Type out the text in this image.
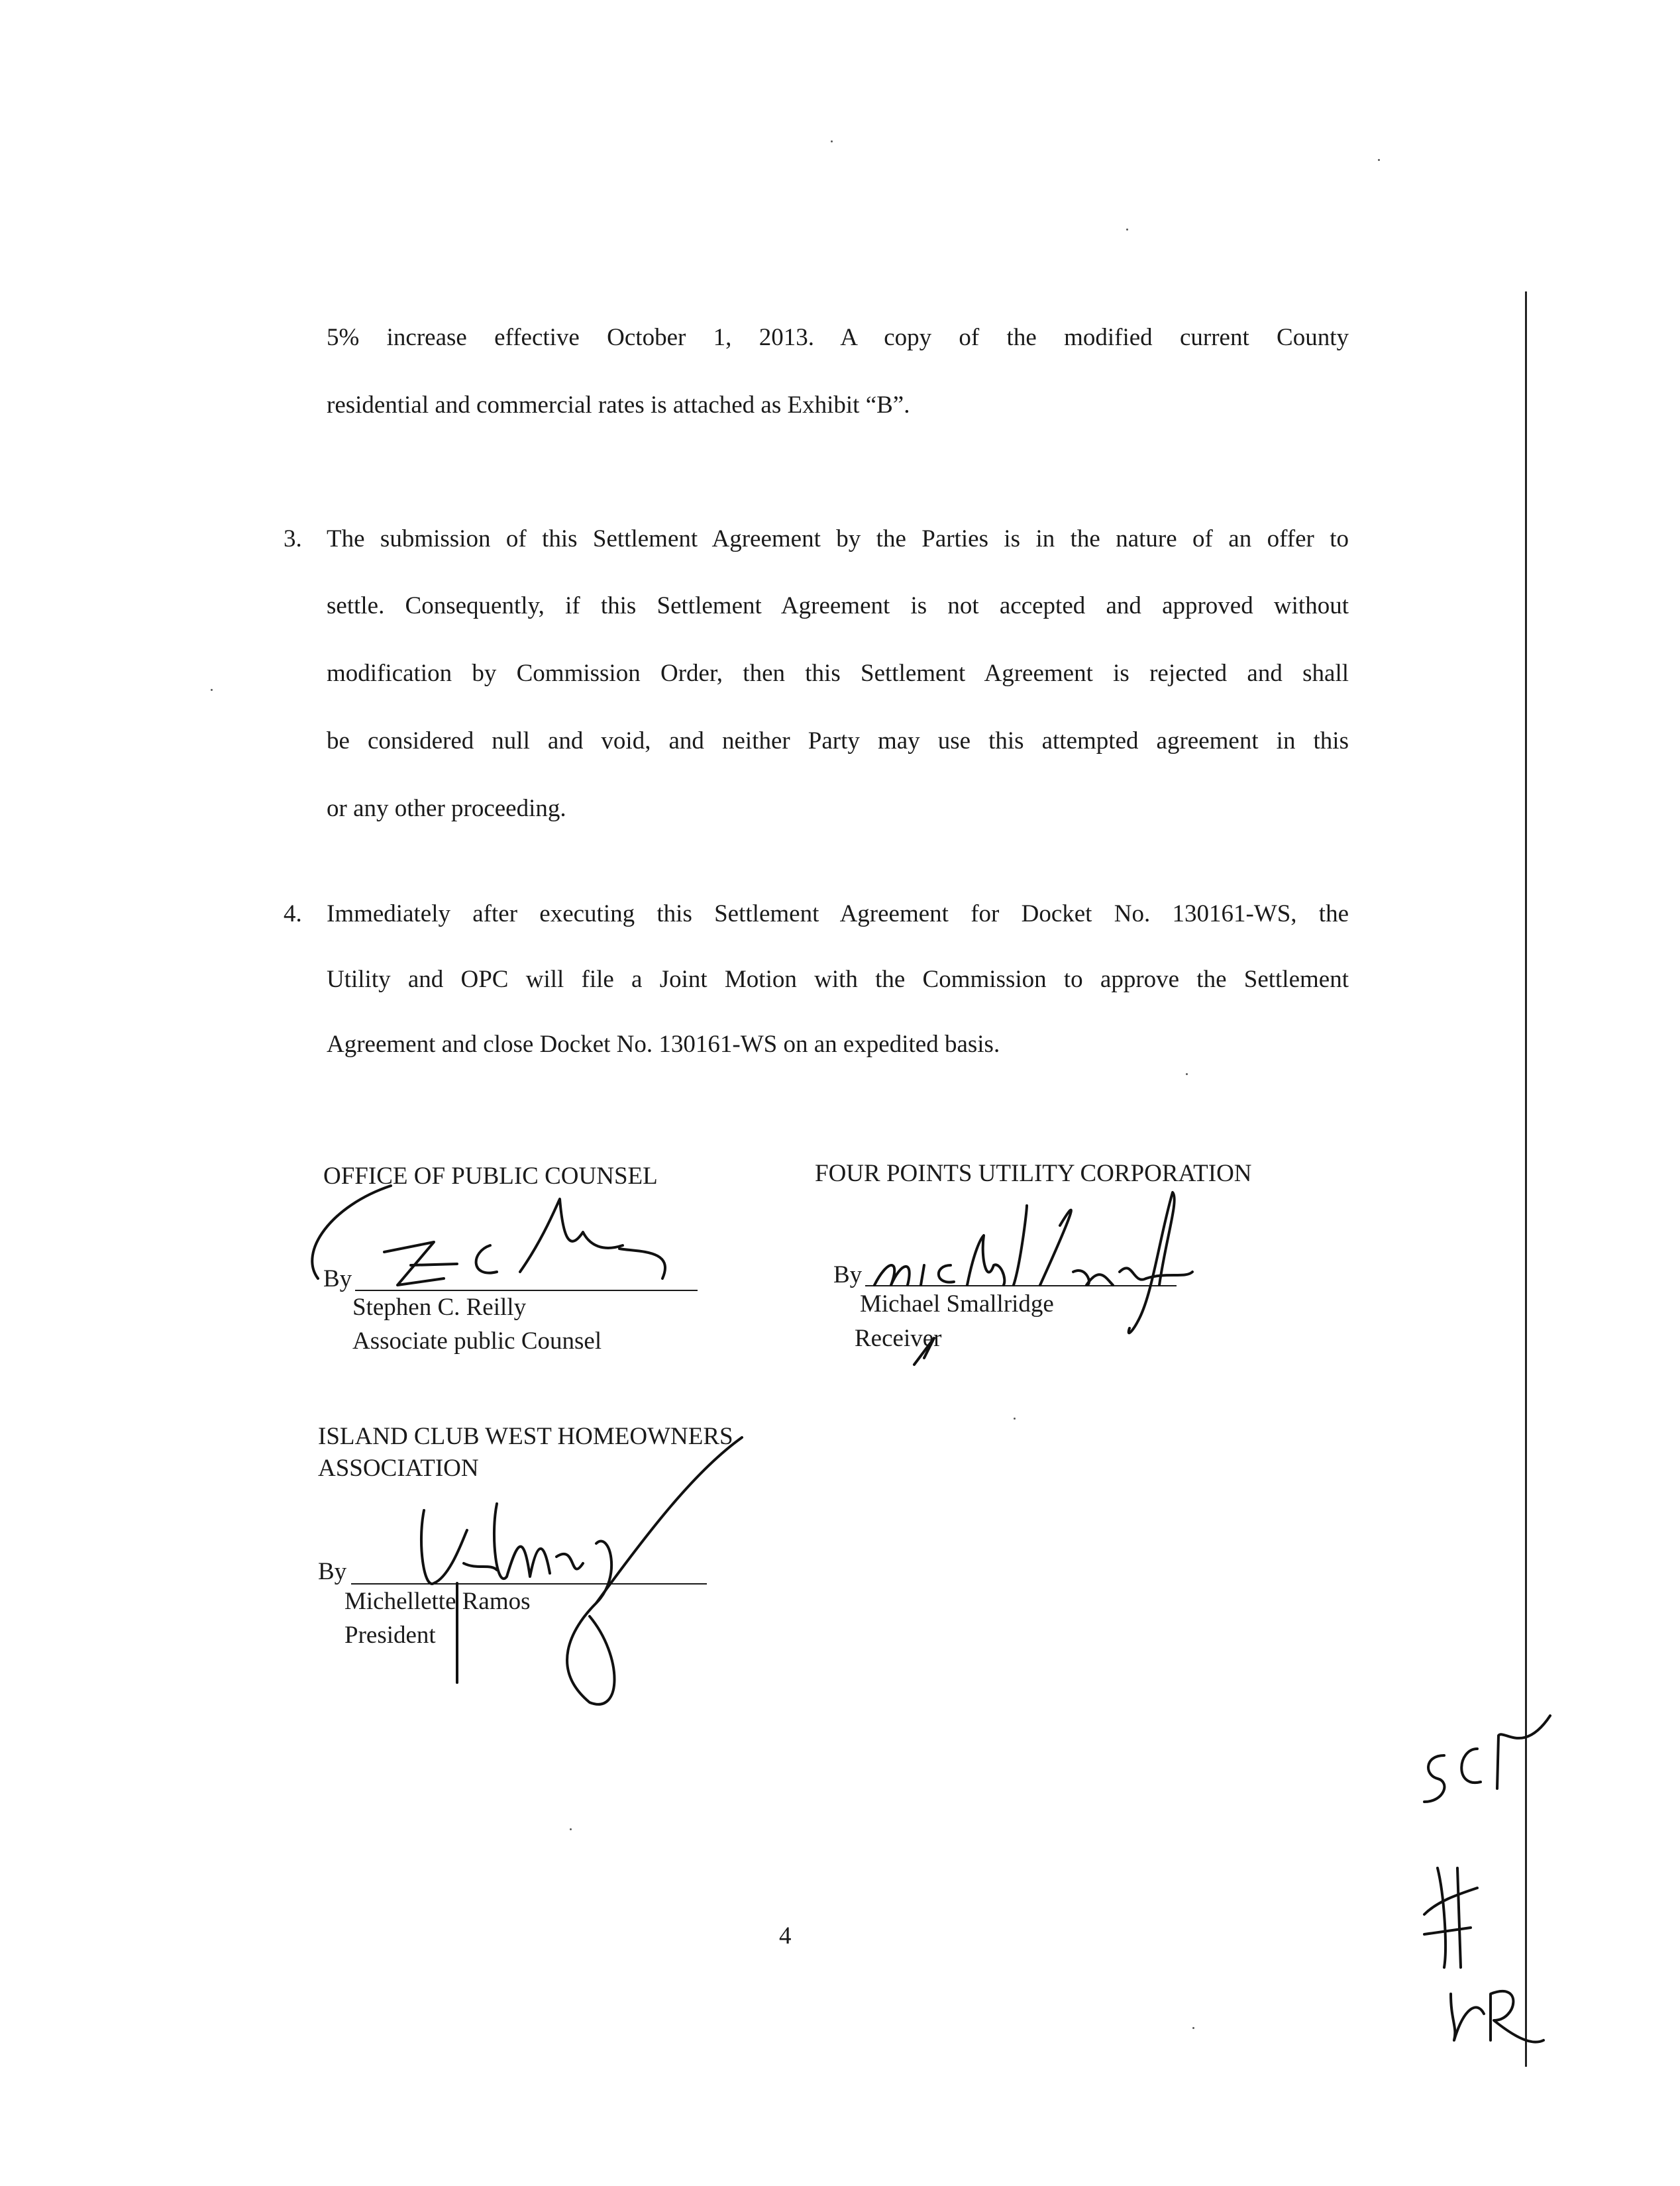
5% increase effective October 1, 2013. A copy of the modified current County
residential and commercial rates is attached as Exhibit “B”.
3. The submission of this Settlement Agreement by the Parties is in the nature of an offer to
settle. Consequently, if this Settlement Agreement is not accepted and approved without
modification by Commission Order, then this Settlement Agreement is rejected and shall
be considered null and void, and neither Party may use this attempted agreement in this
or any other proceeding.
4. Immediately after executing this Settlement Agreement for Docket No. 130161-WS, the
Utility and OPC will file a Joint Motion with the Commission to approve the Settlement
Agreement and close Docket No. 130161-WS on an expedited basis.
OFFICE OF PUBLIC COUNSEL
By
Stephen C. Reilly
Associate public Counsel
FOUR POINTS UTILITY CORPORATION
By
Michael Smallridge
Receiver
ISLAND CLUB WEST HOMEOWNERS
ASSOCIATION
By
Michellette Ramos
President
4
